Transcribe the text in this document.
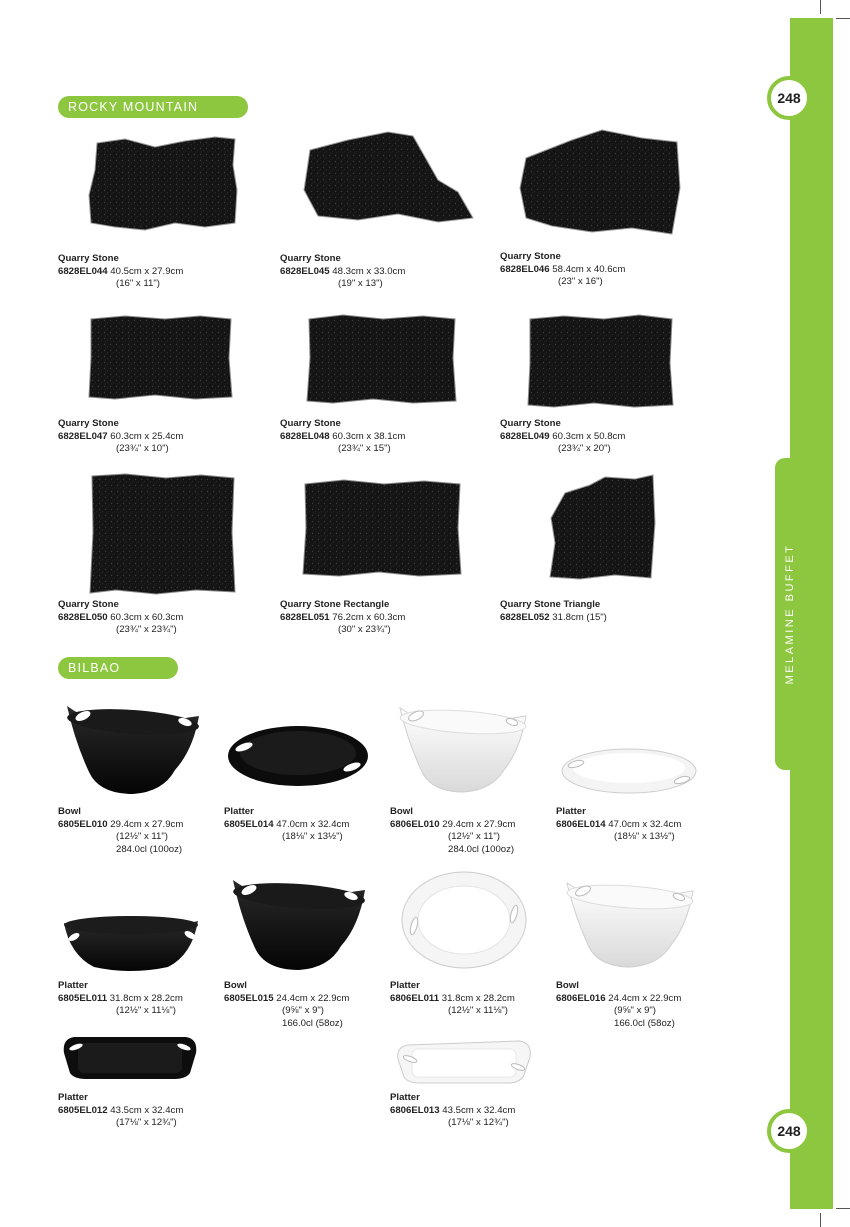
MELAMINE BUFFET
248
248
ROCKY MOUNTAIN HIGH
BILBAO
Quarry Stone
6828EL044 40.5cm x 27.9cm
(16" x 11")
Quarry Stone
6828EL045 48.3cm x 33.0cm
(19" x 13")
Quarry Stone
6828EL046 58.4cm x 40.6cm
(23" x 16")
Quarry Stone
6828EL047 60.3cm x 25.4cm
(23¾" x 10")
Quarry Stone
6828EL048 60.3cm x 38.1cm
(23¾" x 15")
Quarry Stone
6828EL049 60.3cm x 50.8cm
(23¾" x 20")
Quarry Stone
6828EL050 60.3cm x 60.3cm
(23¾" x 23¾")
Quarry Stone Rectangle
6828EL051 76.2cm x 60.3cm
(30" x 23¾")
Quarry Stone Triangle
6828EL052 31.8cm (15")
Bowl
6805EL010 29.4cm x 27.9cm
(12½" x 11")
284.0cl (100oz)
Platter
6805EL014 47.0cm x 32.4cm
(18⅛" x 13½")
Bowl
6806EL010 29.4cm x 27.9cm
(12½" x 11")
284.0cl (100oz)
Platter
6806EL014 47.0cm x 32.4cm
(18⅛" x 13½")
Platter
6805EL011 31.8cm x 28.2cm
(12½" x 11⅛")
Bowl
6805EL015 24.4cm x 22.9cm
(9⅝" x 9")
166.0cl (58oz)
Platter
6806EL011 31.8cm x 28.2cm
(12½" x 11⅛")
Bowl
6806EL016 24.4cm x 22.9cm
(9⅝" x 9")
166.0cl (58oz)
Platter
6805EL012 43.5cm x 32.4cm
(17⅛" x 12¾")
Platter
6806EL013 43.5cm x 32.4cm
(17⅛" x 12¾")
